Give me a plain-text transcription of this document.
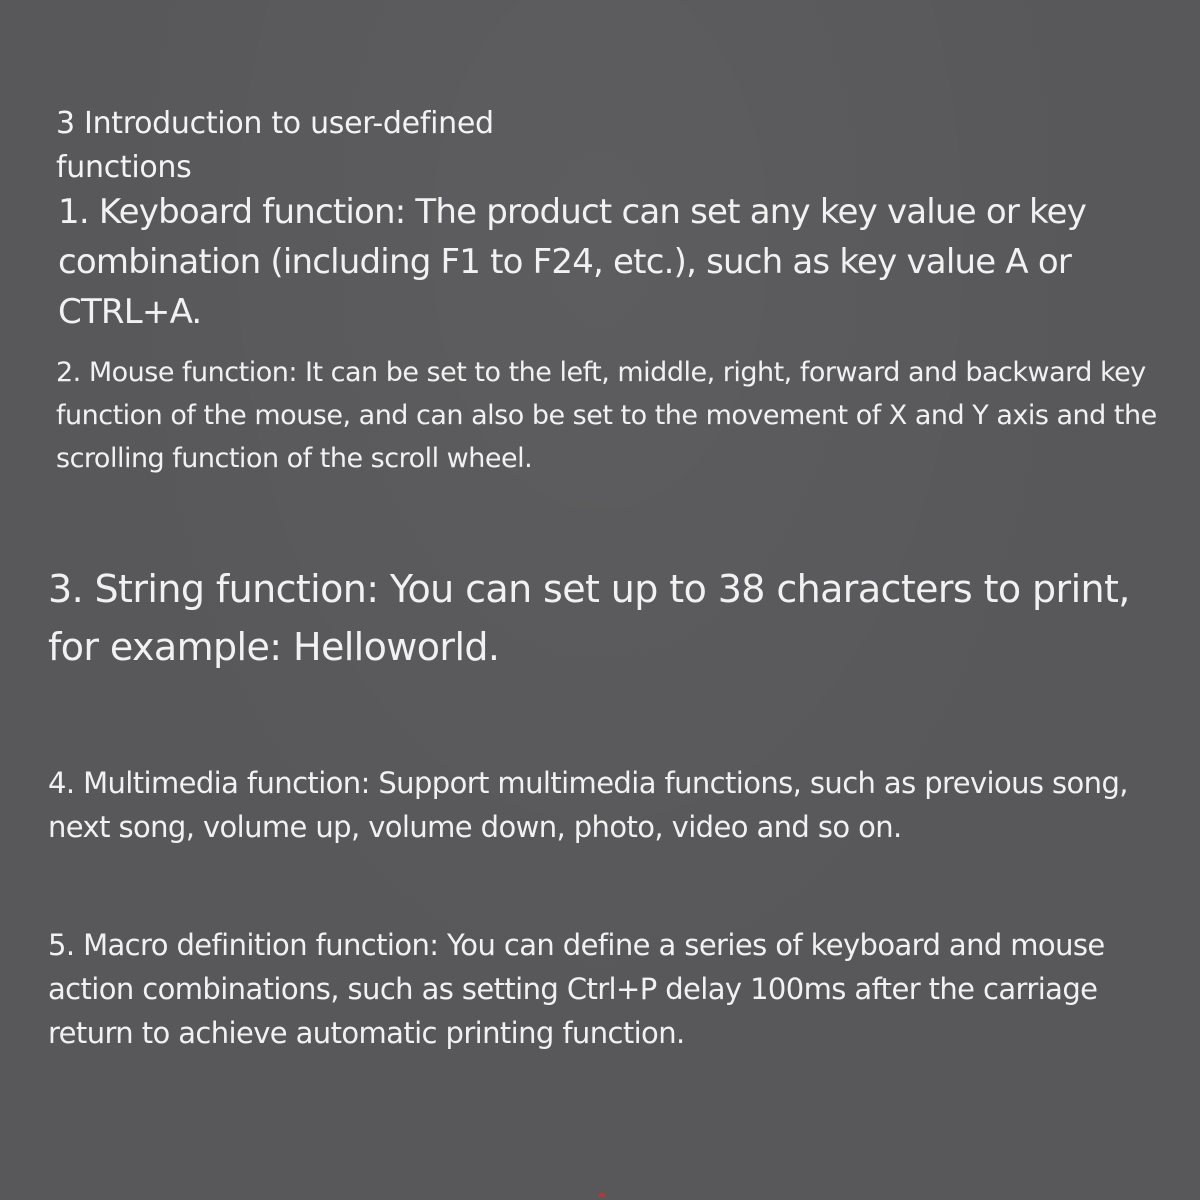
3 Introduction to user-defined functions

1. Keyboard function: The product can set any key value or key combination (including F1 to F24, etc.), such as key value A or CTRL+A.

2. Mouse function: It can be set to the left, middle, right, forward and backward key function of the mouse, and can also be set to the movement of X and Y axis and the scrolling function of the scroll wheel.

3. String function: You can set up to 38 characters to print, for example: Helloworld.

4. Multimedia function: Support multimedia functions, such as previous song, next song, volume up, volume down, photo, video and so on.

5. Macro definition function: You can define a series of keyboard and mouse action combinations, such as setting Ctrl+P delay 100ms after the carriage return to achieve automatic printing function.
